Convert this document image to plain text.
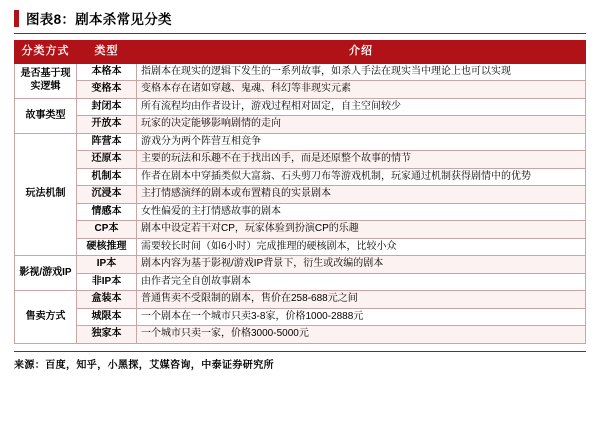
图表8：剧本杀常见分类
分类方式	类型	介绍
是否基于现实逻辑	本格本	指剧本在现实的逻辑下发生的一系列故事，如杀人手法在现实当中理论上也可以实现
	变格本	变格本存在诸如穿越、鬼魂、科幻等非现实元素
故事类型	封闭本	所有流程均由作者设计，游戏过程相对固定，自主空间较少
	开放本	玩家的决定能够影响剧情的走向
玩法机制	阵营本	游戏分为两个阵营互相竞争
	还原本	主要的玩法和乐趣不在于找出凶手，而是还原整个故事的情节
	机制本	作者在剧本中穿插类似大富翁、石头剪刀布等游戏机制，玩家通过机制获得剧情中的优势
	沉浸本	主打情感演绎的剧本或布置精良的实景剧本
	情感本	女性偏爱的主打情感故事的剧本
	CP本	剧本中设定若干对CP，玩家体验到扮演CP的乐趣
	硬核推理	需要较长时间（如6小时）完成推理的硬核剧本，比较小众
影视/游戏IP	IP本	剧本内容为基于影视/游戏IP背景下，衍生或改编的剧本
	非IP本	由作者完全自创故事剧本
售卖方式	盒装本	普通售卖不受限制的剧本，售价在258-688元之间
	城限本	一个剧本在一个城市只卖3-8家，价格1000-2888元
	独家本	一个城市只卖一家，价格3000-5000元
来源：百度，知乎，小黑探，艾媒咨询，中泰证券研究所
